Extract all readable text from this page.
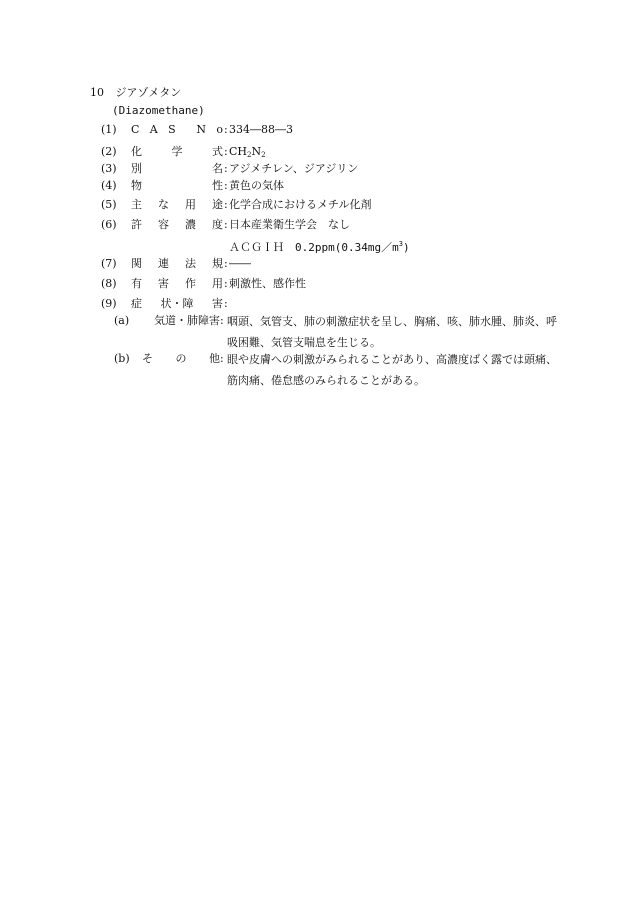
10 ジアゾメタン
(Diazomethane)
(1)	C A S N o : 334―88―3
(2)	化	学	式 : $CH_2N_2$
(3)	別	名 : アジメチレン、ジアジリン
(4)	物	性 : 黄色の気体
(5)	主 な 用 途 : 化学合成におけるメチル化剤
(6)	許 容 濃 度 : 日本産業衛生学会　なし
ＡＣＧＩＨ　$0.2ppm(0.34mg/m^3)$
(7)	関 連 法 規 : ――
(8)	有 害 作 用 : 刺激性、感作性
(9)	症 状・障 害 :
(a) 気道・肺障害 : 咽頭、気管支、肺の刺激症状を呈し、胸痛、咳、肺水腫、肺炎、呼吸困難、気管支喘息を生じる。
(b) そ の 他 : 眼や皮膚への刺激がみられることがあり、高濃度ばく露では頭痛、筋肉痛、倦怠感のみられることがある。
